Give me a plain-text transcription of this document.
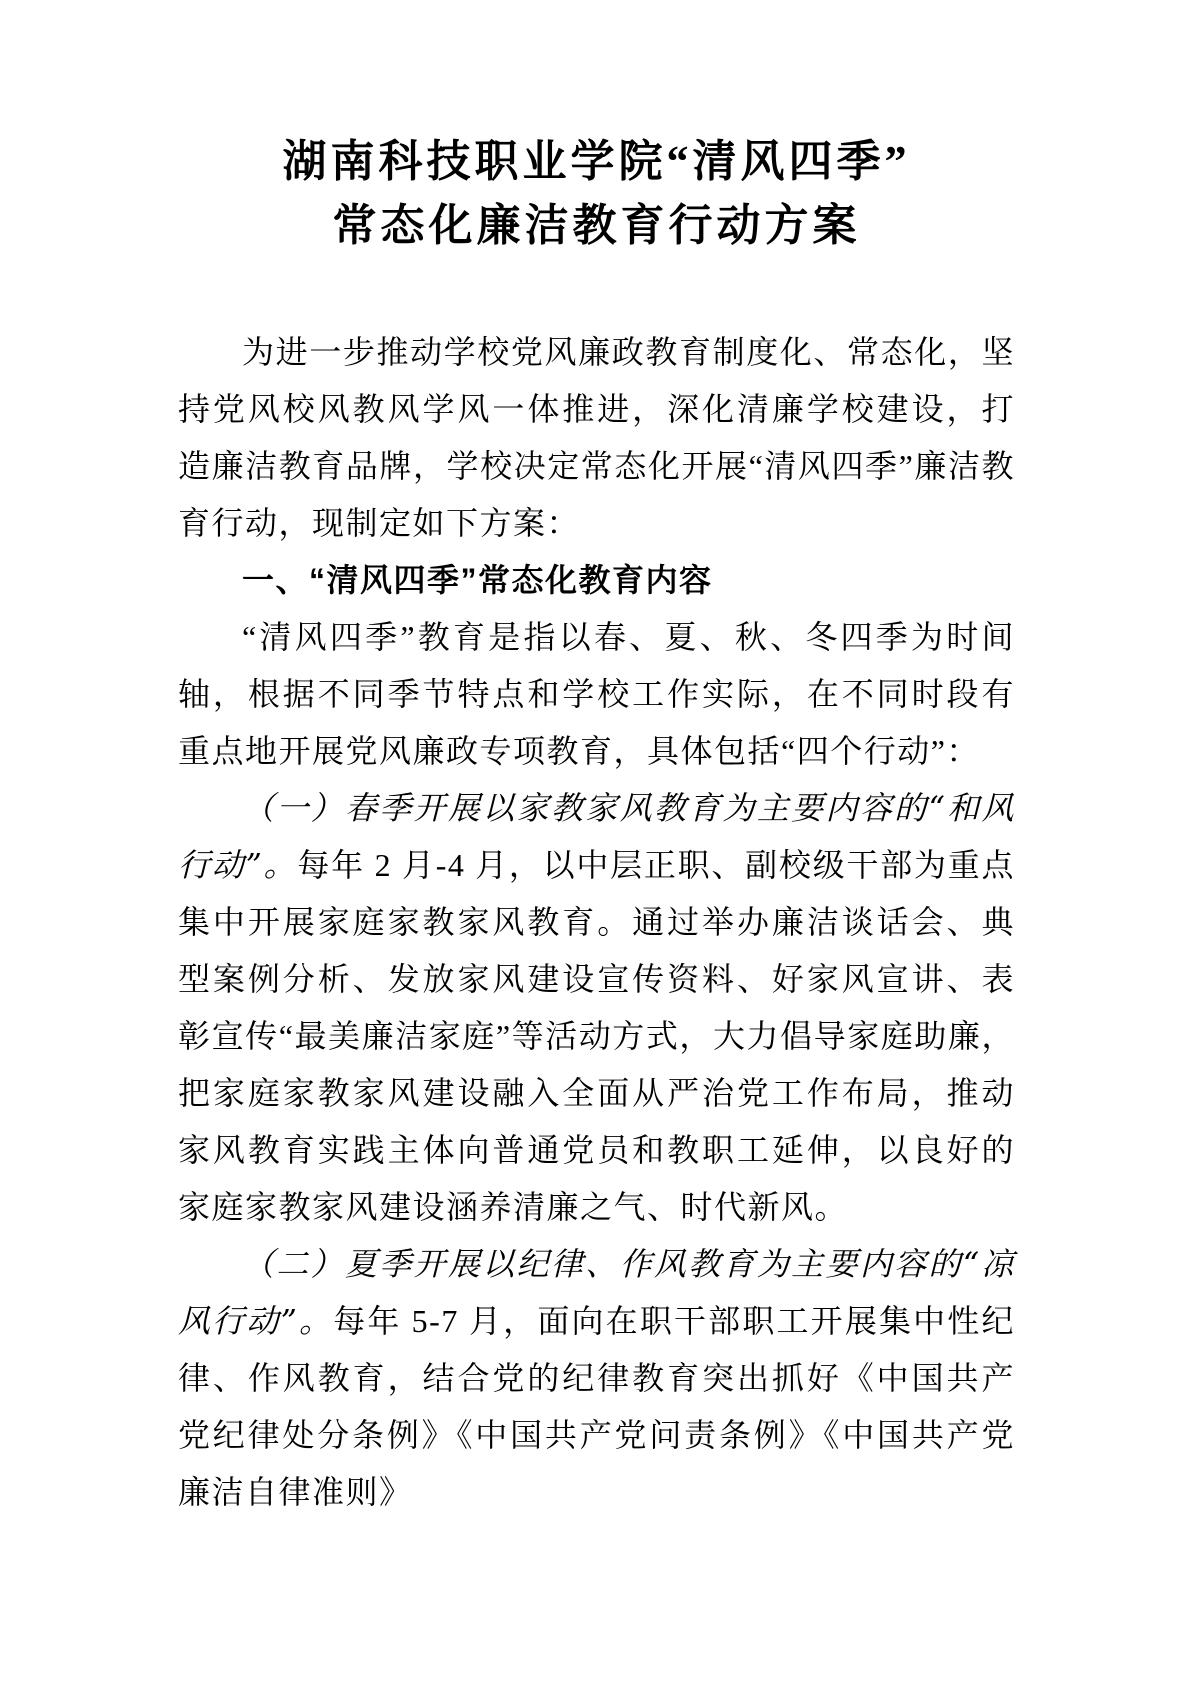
湖南科技职业学院“清风四季”
常态化廉洁教育行动方案

为进一步推动学校党风廉政教育制度化、常态化，坚持党风校风教风学风一体推进，深化清廉学校建设，打造廉洁教育品牌，学校决定常态化开展“清风四季”廉洁教育行动，现制定如下方案：

一、“清风四季”常态化教育内容

“清风四季”教育是指以春、夏、秋、冬四季为时间轴，根据不同季节特点和学校工作实际，在不同时段有重点地开展党风廉政专项教育，具体包括“四个行动”：

（一）春季开展以家教家风教育为主要内容的“和风行动”。每年 2 月-4 月，以中层正职、副校级干部为重点集中开展家庭家教家风教育。通过举办廉洁谈话会、典型案例分析、发放家风建设宣传资料、好家风宣讲、表彰宣传“最美廉洁家庭”等活动方式，大力倡导家庭助廉，把家庭家教家风建设融入全面从严治党工作布局，推动家风教育实践主体向普通党员和教职工延伸，以良好的家庭家教家风建设涵养清廉之气、时代新风。

（二）夏季开展以纪律、作风教育为主要内容的“凉风行动”。每年 5-7 月，面向在职干部职工开展集中性纪律、作风教育，结合党的纪律教育突出抓好《中国共产党纪律处分条例》《中国共产党问责条例》《中国共产党廉洁自律准则》
